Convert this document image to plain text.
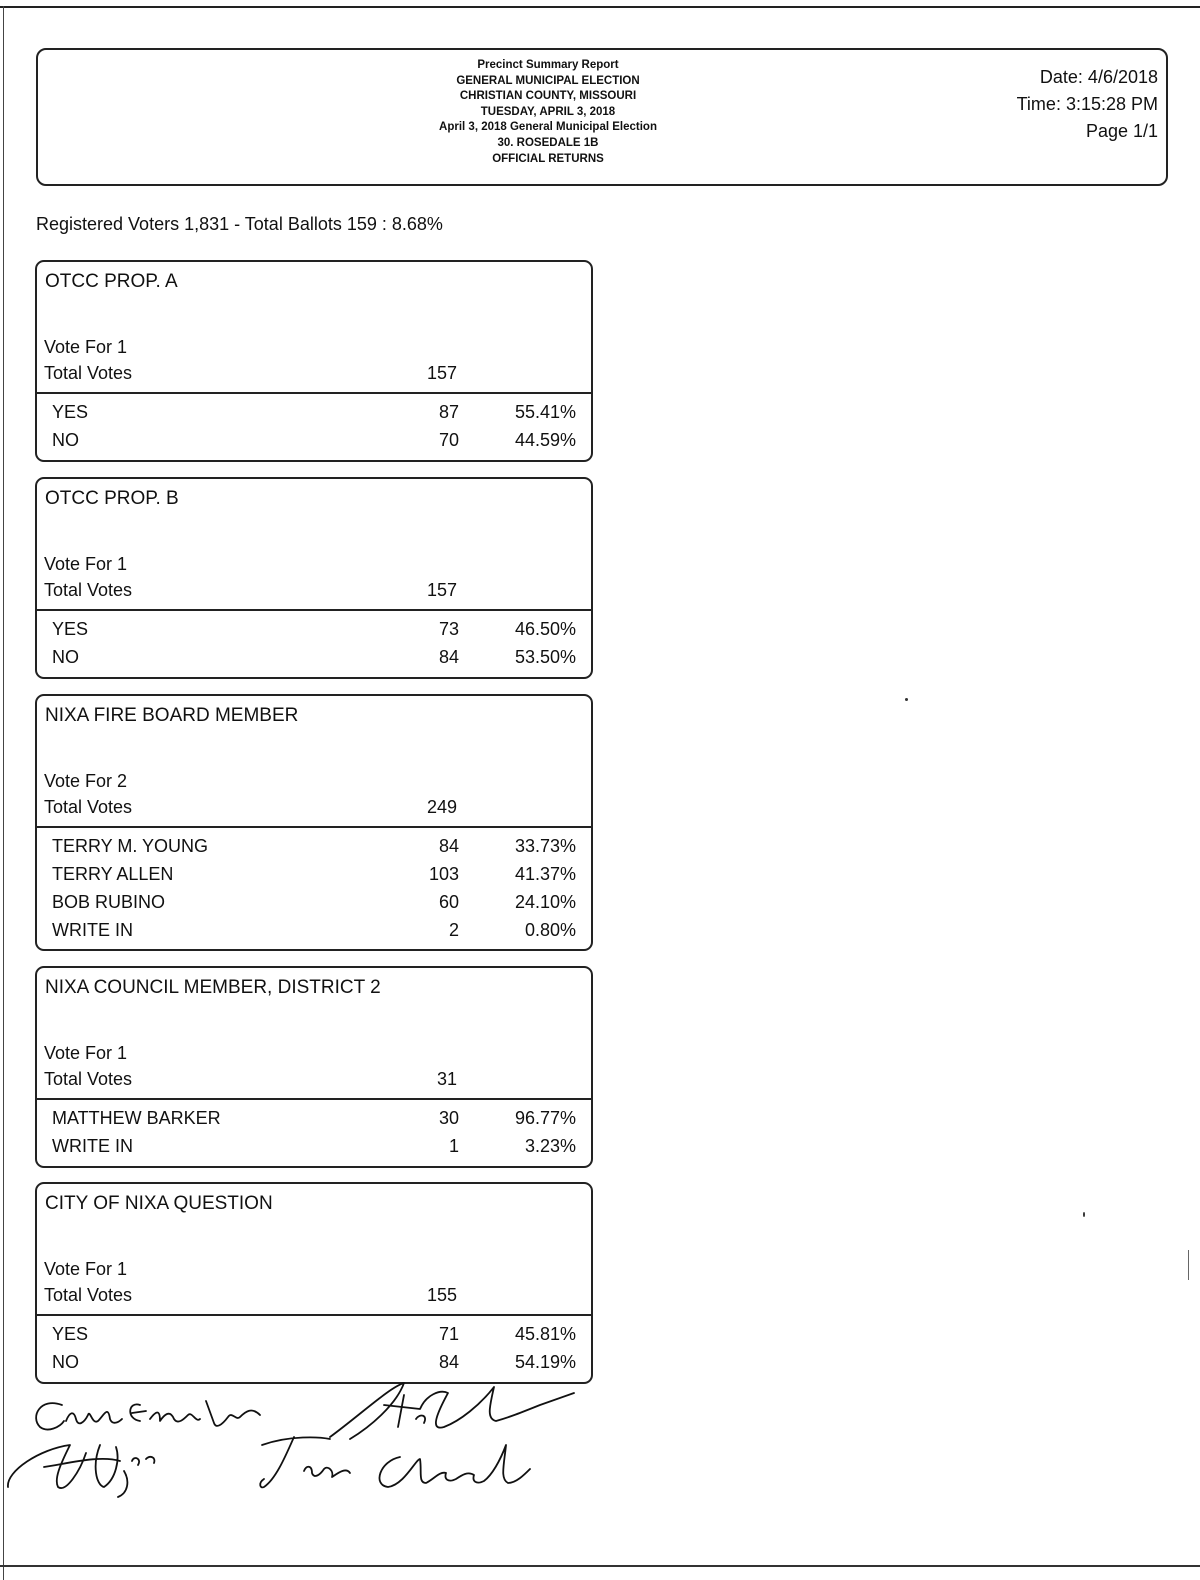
Precinct Summary Report
GENERAL MUNICIPAL ELECTION
CHRISTIAN COUNTY, MISSOURI
TUESDAY, APRIL 3, 2018
April 3, 2018 General Municipal Election
30. ROSEDALE 1B
OFFICIAL RETURNS
Date: 4/6/2018
Time: 3:15:28 PM
Page 1/1
Registered Voters 1,831 - Total Ballots 159 : 8.68%
OTCC PROP. A
Vote For 1
Total Votes	157
YES	87	55.41%
NO	70	44.59%
OTCC PROP. B
Vote For 1
Total Votes	157
YES	73	46.50%
NO	84	53.50%
NIXA FIRE BOARD MEMBER
Vote For 2
Total Votes	249
TERRY M. YOUNG	84	33.73%
TERRY ALLEN	103	41.37%
BOB RUBINO	60	24.10%
WRITE IN	2	0.80%
NIXA COUNCIL MEMBER, DISTRICT 2
Vote For 1
Total Votes	31
MATTHEW BARKER	30	96.77%
WRITE IN	1	3.23%
CITY OF NIXA QUESTION
Vote For 1
Total Votes	155
YES	71	45.81%
NO	84	54.19%
